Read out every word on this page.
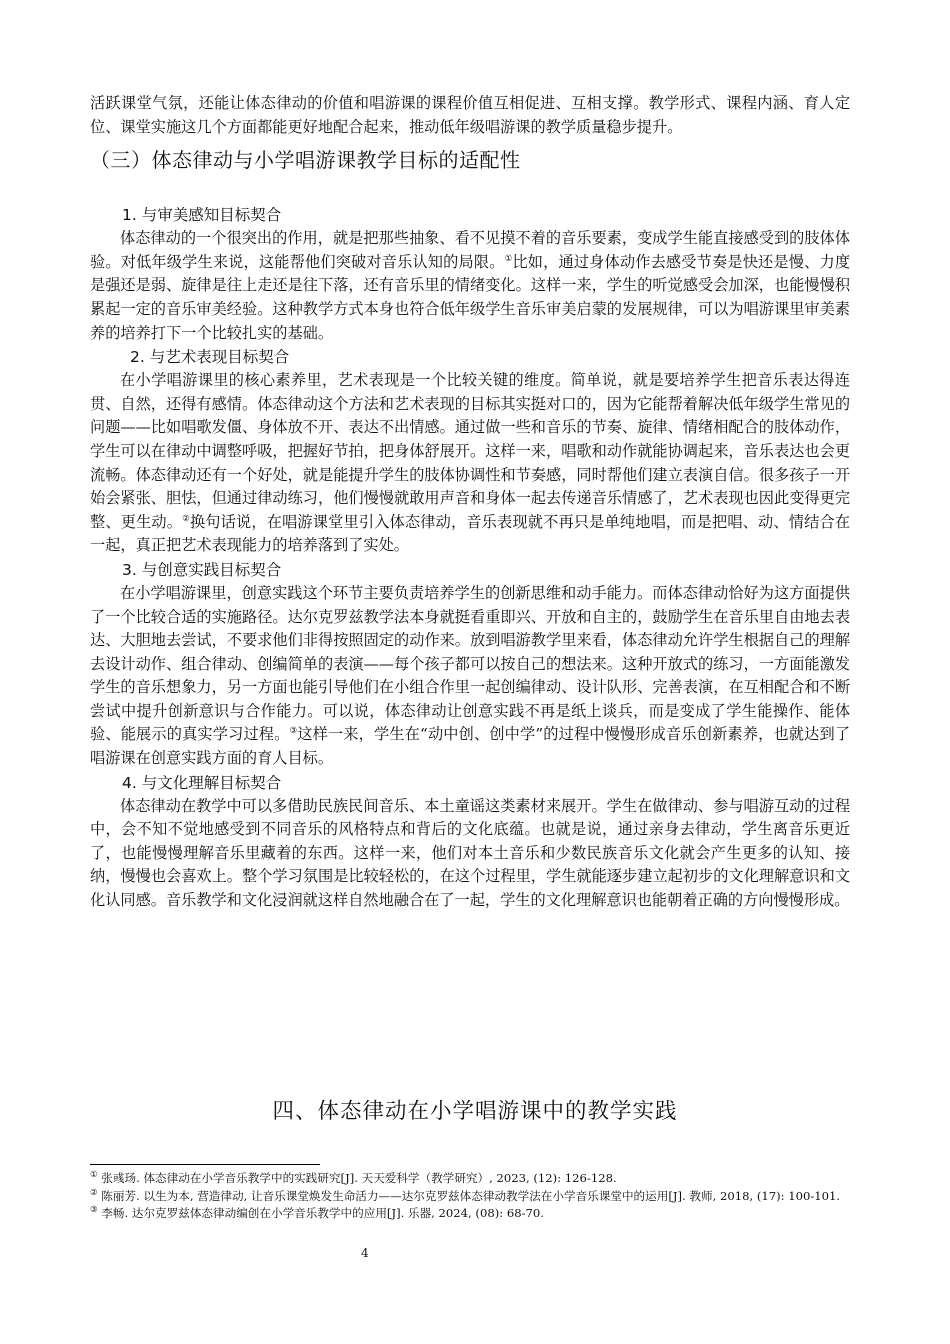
活跃课堂气氛，还能让体态律动的价值和唱游课的课程价值互相促进、互相支撑。教学形式、课程内涵、育人定位、课堂实施这几个方面都能更好地配合起来，推动低年级唱游课的教学质量稳步提升。

（三）体态律动与小学唱游课教学目标的适配性
1. 与审美感知目标契合

体态律动的一个很突出的作用，就是把那些抽象、看不见摸不着的音乐要素，变成学生能直接感受到的肢体体验。对低年级学生来说，这能帮他们突破对音乐认知的局限。①比如，通过身体动作去感受节奏是快还是慢、力度是强还是弱、旋律是往上走还是往下落，还有音乐里的情绪变化。这样一来，学生的听觉感受会加深，也能慢慢积累起一定的音乐审美经验。这种教学方式本身也符合低年级学生音乐审美启蒙的发展规律，可以为唱游课里审美素养的培养打下一个比较扎实的基础。

2. 与艺术表现目标契合

在小学唱游课里的核心素养里，艺术表现是一个比较关键的维度。简单说，就是要培养学生把音乐表达得连贯、自然，还得有感情。体态律动这个方法和艺术表现的目标其实挺对口的，因为它能帮着解决低年级学生常见的问题——比如唱歌发僵、身体放不开、表达不出情感。通过做一些和音乐的节奏、旋律、情绪相配合的肢体动作，学生可以在律动中调整呼吸，把握好节拍，把身体舒展开。这样一来，唱歌和动作就能协调起来，音乐表达也会更流畅。体态律动还有一个好处，就是能提升学生的肢体协调性和节奏感，同时帮他们建立表演自信。很多孩子一开始会紧张、胆怯，但通过律动练习，他们慢慢就敢用声音和身体一起去传递音乐情感了，艺术表现也因此变得更完整、更生动。②换句话说，在唱游课堂里引入体态律动，音乐表现就不再只是单纯地唱，而是把唱、动、情结合在一起，真正把艺术表现能力的培养落到了实处。

3. 与创意实践目标契合

在小学唱游课里，创意实践这个环节主要负责培养学生的创新思维和动手能力。而体态律动恰好为这方面提供了一个比较合适的实施路径。达尔克罗兹教学法本身就挺看重即兴、开放和自主的，鼓励学生在音乐里自由地去表达、大胆地去尝试，不要求他们非得按照固定的动作来。放到唱游教学里来看，体态律动允许学生根据自己的理解去设计动作、组合律动、创编简单的表演——每个孩子都可以按自己的想法来。这种开放式的练习，一方面能激发学生的音乐想象力，另一方面也能引导他们在小组合作里一起创编律动、设计队形、完善表演，在互相配合和不断尝试中提升创新意识与合作能力。可以说，体态律动让创意实践不再是纸上谈兵，而是变成了学生能操作、能体验、能展示的真实学习过程。③这样一来，学生在“动中创、创中学”的过程中慢慢形成音乐创新素养，也就达到了唱游课在创意实践方面的育人目标。

4. 与文化理解目标契合

体态律动在教学中可以多借助民族民间音乐、本土童谣这类素材来展开。学生在做律动、参与唱游互动的过程中，会不知不觉地感受到不同音乐的风格特点和背后的文化底蕴。也就是说，通过亲身去律动，学生离音乐更近了，也能慢慢理解音乐里藏着的东西。这样一来，他们对本土音乐和少数民族音乐文化就会产生更多的认知、接纳，慢慢也会喜欢上。整个学习氛围是比较轻松的，在这个过程里，学生就能逐步建立起初步的文化理解意识和文化认同感。音乐教学和文化浸润就这样自然地融合在了一起，学生的文化理解意识也能朝着正确的方向慢慢形成。

四、体态律动在小学唱游课中的教学实践

① 张彧玚. 体态律动在小学音乐教学中的实践研究[J]. 天天爱科学（教学研究）, 2023, (12): 126-128.

② 陈丽芳. 以生为本, 营造律动, 让音乐课堂焕发生命活力——达尔克罗兹体态律动教学法在小学音乐课堂中的运用[J]. 教师, 2018, (17): 100-101.

③ 李畅. 达尔克罗兹体态律动编创在小学音乐教学中的应用[J]. 乐器, 2024, (08): 68-70.

4
